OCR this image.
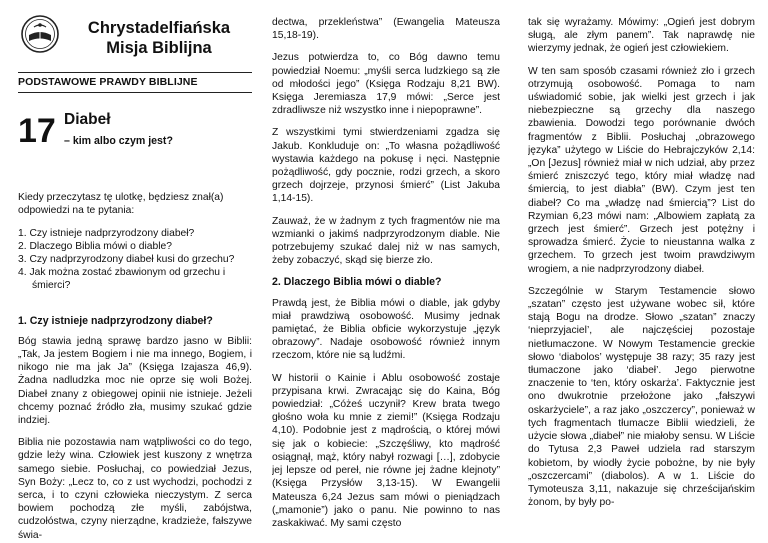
Chrystadelfiańska
Misja Biblijna
PODSTAWOWE PRAWDY BIBLIJNE
17 Diabeł
– kim albo czym jest?

Kiedy przeczytasz tę ulotkę, będziesz znał(a) odpowiedzi na te pytania:

1. Czy istnieje nadprzyrodzony diabeł?
2. Dlaczego Biblia mówi o diable?
3. Czy nadprzyrodzony diabeł kusi do grzechu?
4. Jak można zostać zbawionym od grzechu i śmierci?
1. Czy istnieje nadprzyrodzony diabeł?

Bóg stawia jedną sprawę bardzo jasno w Biblii: „Tak, Ja jestem Bogiem i nie ma innego, Bogiem, i nikogo nie ma jak Ja” (Księga Izajasza 46,9). Żadna nadludzka moc nie oprze się woli Bożej. Diabeł znany z obiegowej opinii nie istnieje. Jeżeli chcemy poznać źródło zła, musimy szukać gdzie indziej.

Biblia nie pozostawia nam wątpliwości co do tego, gdzie leży wina. Człowiek jest kuszony z wnętrza samego siebie. Posłuchaj, co powiedział Jezus, Syn Boży: „Lecz to, co z ust wychodzi, pochodzi z serca, i to czyni człowieka nieczystym. Z serca bowiem pochodzą złe myśli, zabójstwa, cudzołóstwa, czyny nierządne, kradzieże, fałszywe świa-

dectwa, przekleństwa” (Ewangelia Mateusza 15,18-19).

Jezus potwierdza to, co Bóg dawno temu powiedział Noemu: „myśli serca ludzkiego są złe od młodości jego” (Księga Rodzaju 8,21 BW). Księga Jeremiasza 17,9 mówi: „Serce jest zdradliwsze niż wszystko inne i niepoprawne”.

Z wszystkimi tymi stwierdzeniami zgadza się Jakub. Konkluduje on: „To własna pożądliwość wystawia każdego na pokusę i nęci. Następnie pożądliwość, gdy pocznie, rodzi grzech, a skoro grzech dojrzeje, przynosi śmierć” (List Jakuba 1,14-15).

Zauważ, że w żadnym z tych fragmentów nie ma wzmianki o jakimś nadprzyrodzonym diable. Nie potrzebujemy szukać dalej niż w nas samych, żeby zobaczyć, skąd się bierze zło.

2. Dlaczego Biblia mówi o diable?

Prawdą jest, że Biblia mówi o diable, jak gdyby miał prawdziwą osobowość. Musimy jednak pamiętać, że Biblia obficie wykorzystuje „język obrazowy”. Nadaje osobowość również innym rzeczom, które nie są ludźmi.

W historii o Kainie i Ablu osobowość zostaje przypisana krwi. Zwracając się do Kaina, Bóg powiedział: „Cóżeś uczynił? Krew brata twego głośno woła ku mnie z ziemi!” (Księga Rodzaju 4,10). Podobnie jest z mądrością, o której mówi się jak o kobiecie: „Szczęśliwy, kto mądrość osiągnął, mąż, który nabył rozwagi […], zdobycie jej lepsze od pereł, nie równe jej żadne klejnoty” (Księga Przysłów 3,13-15). W Ewangelii Mateusza 6,24 Jezus sam mówi o pieniądzach („mamonie”) jako o panu. Nie powinno to nas zaskakiwać. My sami często

tak się wyrażamy. Mówimy: „Ogień jest dobrym sługą, ale złym panem”. Tak naprawdę nie wierzymy jednak, że ogień jest człowiekiem.

W ten sam sposób czasami również zło i grzech otrzymują osobowość. Pomaga to nam uświadomić sobie, jak wielki jest grzech i jak niebezpieczne są grzechy dla naszego zbawienia. Dowodzi tego porównanie dwóch fragmentów z Biblii. Posłuchaj „obrazowego języka” użytego w Liście do Hebrajczyków 2,14: „On [Jezus] również miał w nich udział, aby przez śmierć zniszczyć tego, który miał władzę nad śmiercią, to jest diabła” (BW). Czym jest ten diabeł? Co ma „władzę nad śmiercią”? List do Rzymian 6,23 mówi nam: „Albowiem zapłatą za grzech jest śmierć”. Grzech jest potężny i sprowadza śmierć. Życie to nieustanna walka z grzechem. To grzech jest twoim prawdziwym wrogiem, a nie nadprzyrodzony diabeł.

Szczególnie w Starym Testamencie słowo „szatan” często jest używane wobec sił, które stają Bogu na drodze. Słowo „szatan” znaczy ‘nieprzyjaciel’, ale najczęściej pozostaje nietłumaczone. W Nowym Testamencie greckie słowo ‘diabolos’ występuje 38 razy; 35 razy jest tłumaczone jako ‘diabeł’. Jego pierwotne znaczenie to ‘ten, który oskarża’. Faktycznie jest ono dwukrotnie przełożone jako „fałszywi oskarżyciele”, a raz jako „oszczercy”, ponieważ w tych fragmentach tłumacze Biblii wiedzieli, że użycie słowa „diabeł” nie miałoby sensu. W Liście do Tytusa 2,3 Paweł udziela rad starszym kobietom, by wiodły życie pobożne, by nie były „oszczercami” (diabolos). A w 1. Liście do Tymoteusza 3,11, nakazuje się chrześcijańskim żonom, by były po-
